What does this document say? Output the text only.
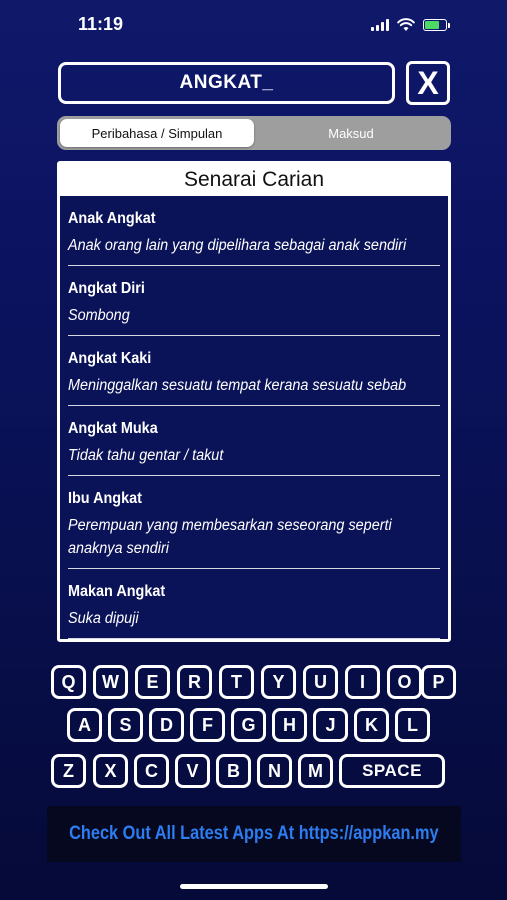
11:19
ANGKAT_	X
Peribahasa / Simpulan	Maksud
Senarai Carian
Anak Angkat
Anak orang lain yang dipelihara sebagai anak sendiri
Angkat Diri
Sombong
Angkat Kaki
Meninggalkan sesuatu tempat kerana sesuatu sebab
Angkat Muka
Tidak tahu gentar / takut
Ibu Angkat
Perempuan yang membesarkan seseorang seperti anaknya sendiri
Makan Angkat
Suka dipuji
Q	W	E	R	T	Y	U	I	O	P
A	S	D	F	G	H	J	K	L
Z	X	C	V	B	N	M	SPACE
Check Out All Latest Apps At https://appkan.my
